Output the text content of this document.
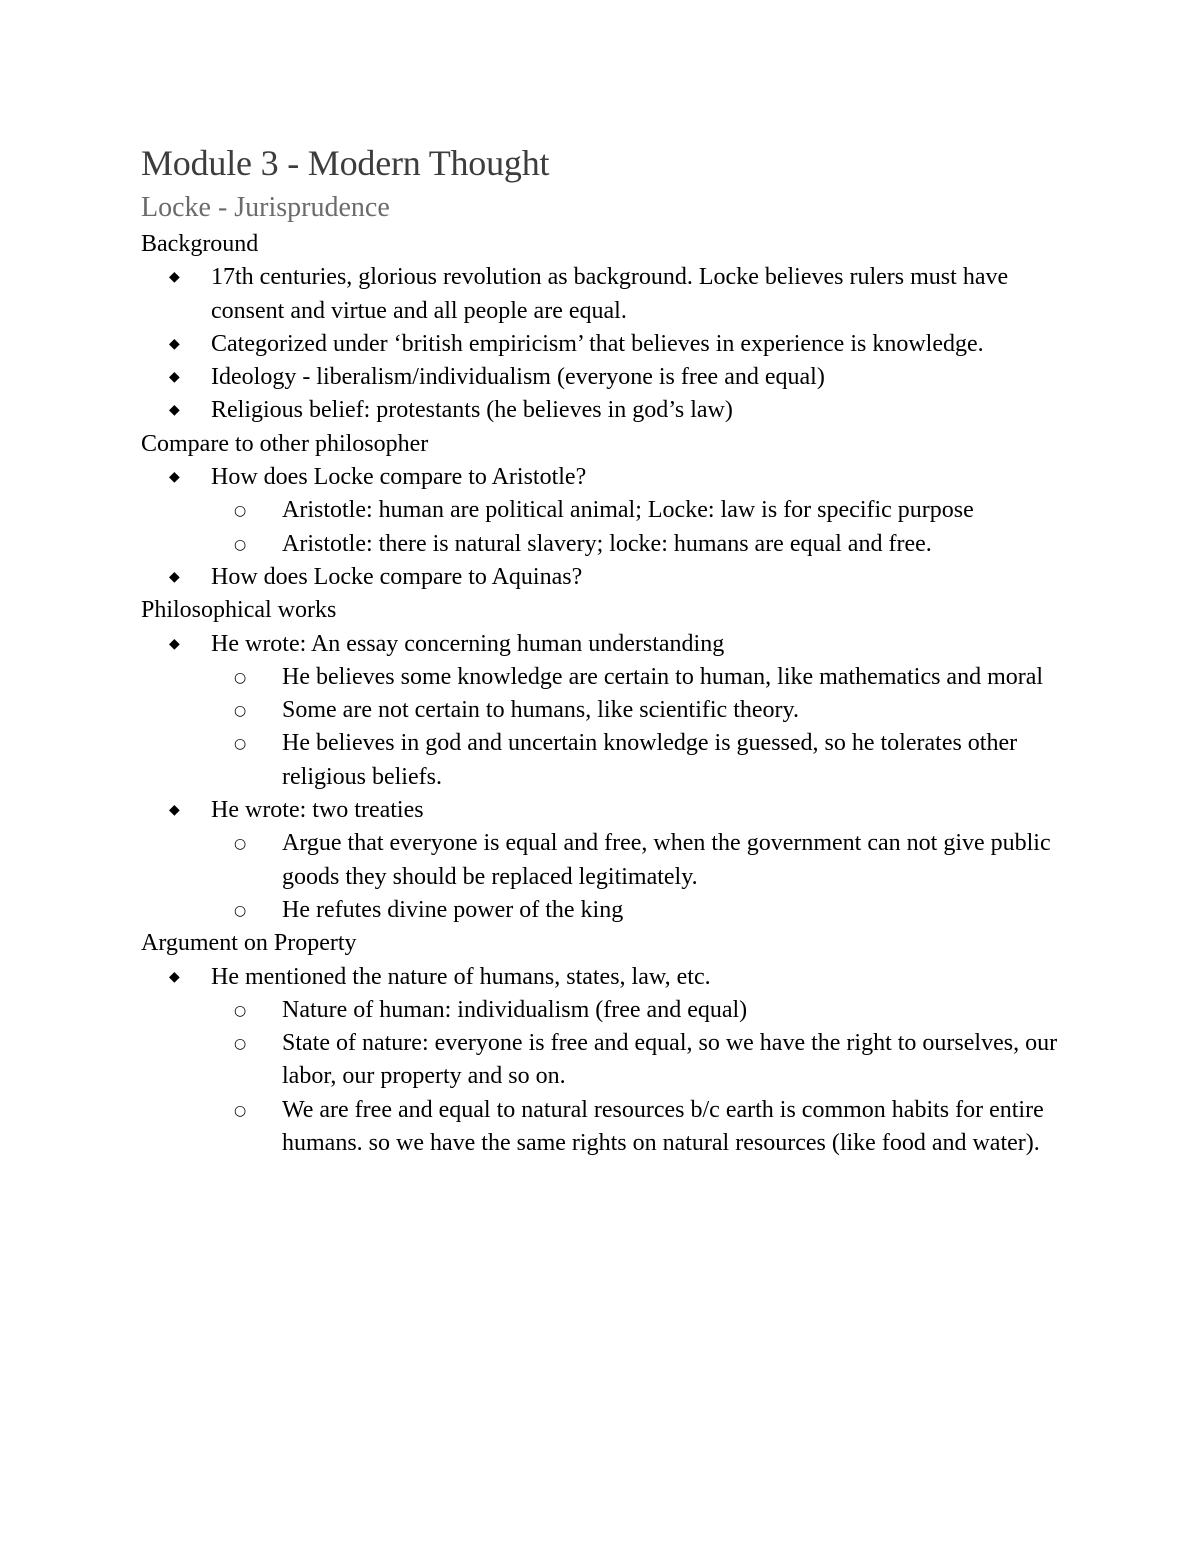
Module 3 - Modern Thought
Locke - Jurisprudence
Background
◆ 17th centuries, glorious revolution as background. Locke believes rulers must have consent and virtue and all people are equal.
◆ Categorized under ‘british empiricism’ that believes in experience is knowledge.
◆ Ideology - liberalism/individualism (everyone is free and equal)
◆ Religious belief: protestants (he believes in god’s law)
Compare to other philosopher
◆ How does Locke compare to Aristotle?
○ Aristotle: human are political animal; Locke: law is for specific purpose
○ Aristotle: there is natural slavery; locke: humans are equal and free.
◆ How does Locke compare to Aquinas?
Philosophical works
◆ He wrote: An essay concerning human understanding
○ He believes some knowledge are certain to human, like mathematics and moral
○ Some are not certain to humans, like scientific theory.
○ He believes in god and uncertain knowledge is guessed, so he tolerates other religious beliefs.
◆ He wrote: two treaties
○ Argue that everyone is equal and free, when the government can not give public goods they should be replaced legitimately.
○ He refutes divine power of the king
Argument on Property
◆ He mentioned the nature of humans, states, law, etc.
○ Nature of human: individualism (free and equal)
○ State of nature: everyone is free and equal, so we have the right to ourselves, our labor, our property and so on.
○ We are free and equal to natural resources b/c earth is common habits for entire humans. so we have the same rights on natural resources (like food and water).
